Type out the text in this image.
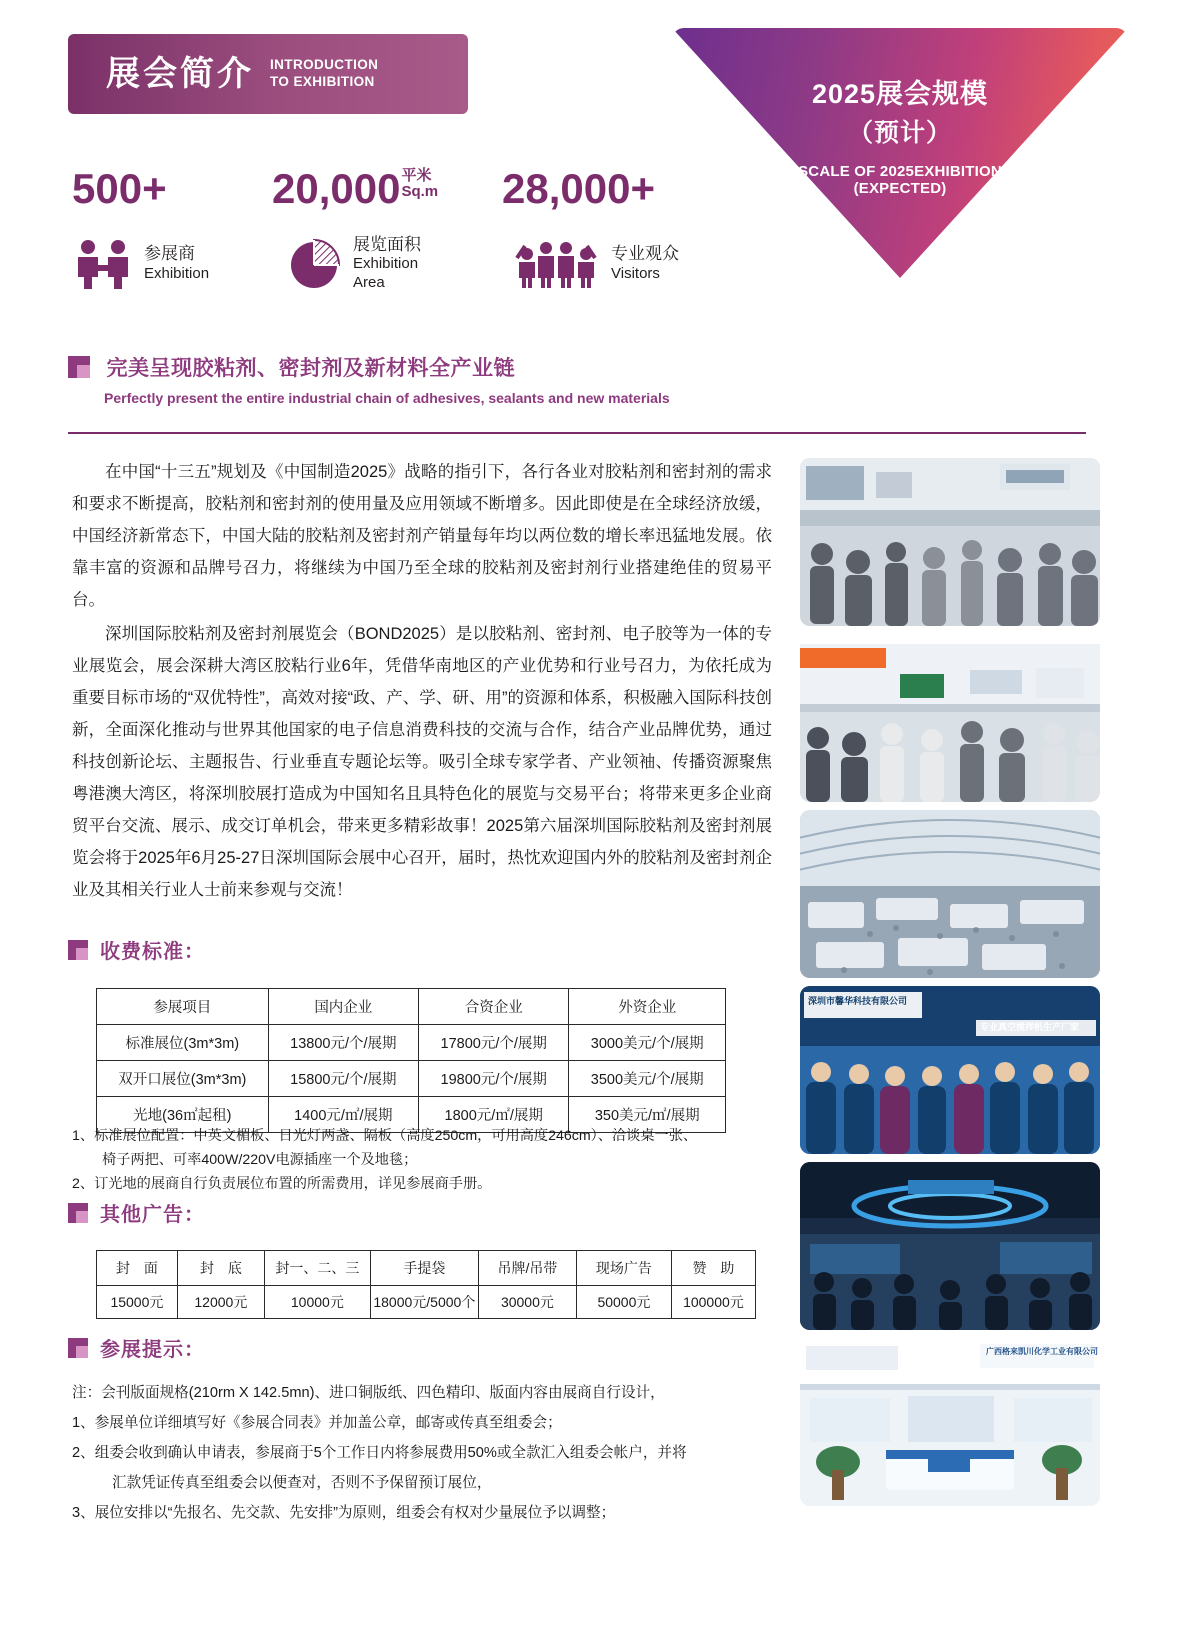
展会简介 INTRODUCTION
TO EXHIBITION	2025展会规模
（预计）
SCALE OF 2025EXHIBITION
(EXPECTED)
500+	20,000 平米
Sq.m 28,000+
参展商
Exhibition
展览面积
Exhibition
Area
专业观众
Visitors
完美呈现胶粘剂、密封剂及新材料全产业链
Perfectly present the entire industrial chain of adhesives, sealants and new materials

在中国“十三五”规划及《中国制造2025》战略的指引下，各行各业对胶粘剂和密封剂的需求和要求不断提高，胶粘剂和密封剂的使用量及应用领域不断增多。因此即使是在全球经济放缓，中国经济新常态下，中国大陆的胶粘剂及密封剂产销量每年均以两位数的增长率迅猛地发展。依靠丰富的资源和品牌号召力，将继续为中国乃至全球的胶粘剂及密封剂行业搭建绝佳的贸易平台。

深圳国际胶粘剂及密封剂展览会（BOND2025）是以胶粘剂、密封剂、电子胶等为一体的专业展览会，展会深耕大湾区胶粘行业6年，凭借华南地区的产业优势和行业号召力，为依托成为重要目标市场的“双优特性”，高效对接“政、产、学、研、用”的资源和体系，积极融入国际科技创新，全面深化推动与世界其他国家的电子信息消费科技的交流与合作，结合产业品牌优势，通过科技创新论坛、主题报告、行业垂直专题论坛等。吸引全球专家学者、产业领袖、传播资源聚焦粤港澳大湾区，将深圳胶展打造成为中国知名且具特色化的展览与交易平台；将带来更多企业商贸平台交流、展示、成交订单机会，带来更多精彩故事！2025第六届深圳国际胶粘剂及密封剂展览会将于2025年6月25-27日深圳国际会展中心召开，届时，热忱欢迎国内外的胶粘剂及密封剂企业及其相关行业人士前来参观与交流！

收费标准：
参展项目	国内企业	合资企业	外资企业
标准展位(3m*3m)	13800元/个/展期	17800元/个/展期	3000美元/个/展期
双开口展位(3m*3m)	15800元/个/展期	19800元/个/展期	3500美元/个/展期
光地(36㎡起租)	1400元/㎡/展期	1800元/㎡/展期	350美元/㎡/展期
1、标准展位配置：中英文楣板、日光灯两盏、隔板（高度250cm，可用高度246cm）、洽谈桌一张、
椅子两把、可率400W/220V电源插座一个及地毯；
2、订光地的展商自行负责展位布置的所需费用，详见参展商手册。
其他广告：
封　面	封　底	封一、二、三	手提袋	吊牌/吊带	现场广告	赞　助
15000元	12000元	10000元	18000元/5000个	30000元	50000元	100000元
参展提示：
注：会刊版面规格(210rm X 142.5mn)、进口铜版纸、四色精印、版面内容由展商自行设计，
1、参展单位详细填写好《参展合同表》并加盖公章，邮寄或传真至组委会；
2、组委会收到确认申请表，参展商于5个工作日内将参展费用50%或全款汇入组委会帐户，并将
汇款凭证传真至组委会以便查对，否则不予保留预订展位，
3、展位安排以“先报名、先交款、先安排”为原则，组委会有权对少量展位予以调整；
深圳市馨华科技有限公司
专业真空搅拌机生产厂家
广西格来凯川化学工业有限公司
